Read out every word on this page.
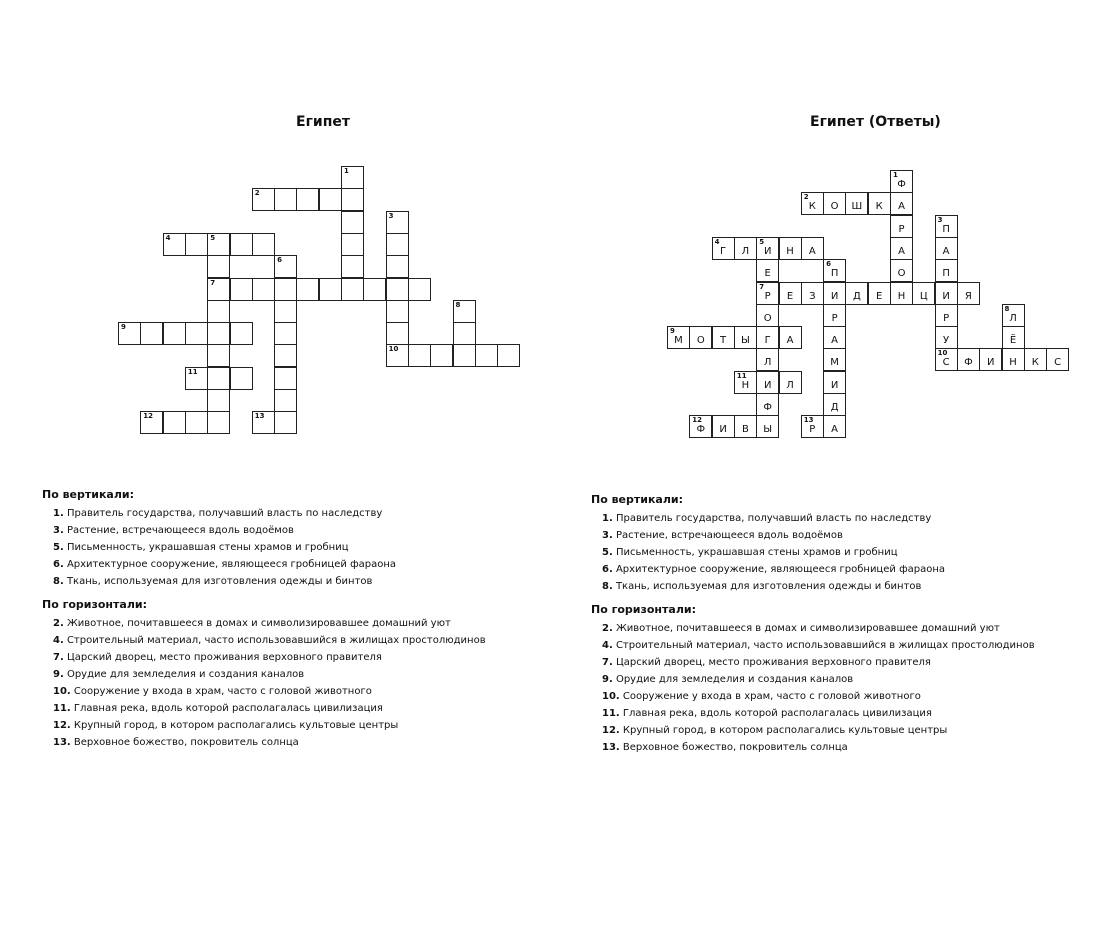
Египет
1
2
3
10
4	5
7
6
8
9
11
12	13
По вертикали:
1. Правитель государства, получавший власть по наследству
3. Растение, встречающееся вдоль водоёмов
5. Письменность, украшавшая стены храмов и гробниц
6. Архитектурное сооружение, являющееся гробницей фараона
8. Ткань, используемая для изготовления одежды и бинтов
По горизонтали:
2. Животное, почитавшееся в домах и символизировавшее домашний уют
4. Строительный материал, часто использовавшийся в жилищах простолюдинов
7. Царский дворец, место проживания верховного правителя
9. Орудие для земледелия и создания каналов
10. Сооружение у входа в храм, часто с головой животного
11. Главная река, вдоль которой располагалась цивилизация
12. Крупный город, в котором располагались культовые центры
13. Верховное божество, покровитель солнца
Египет (Ответы)
1
Ф
А
Р
А
О
Н
2
К	О	Ш	К
3
П
А
П
И
Р
У
10
С
4
Г	Л
5
И	Н	А
Е
7
Р
О
Г
Л
И
Ф
Ы
6
П
И
Р
А
М
И
Д
А
Е	З	Д	Е	Ц	Я
8
Л
Ё
Н
9
М	О	Т	Ы	А
Ф	И	К	С
11
Н	Л
12
Ф	И	В
13
Р
По вертикали:
1. Правитель государства, получавший власть по наследству
3. Растение, встречающееся вдоль водоёмов
5. Письменность, украшавшая стены храмов и гробниц
6. Архитектурное сооружение, являющееся гробницей фараона
8. Ткань, используемая для изготовления одежды и бинтов
По горизонтали:
2. Животное, почитавшееся в домах и символизировавшее домашний уют
4. Строительный материал, часто использовавшийся в жилищах простолюдинов
7. Царский дворец, место проживания верховного правителя
9. Орудие для земледелия и создания каналов
10. Сооружение у входа в храм, часто с головой животного
11. Главная река, вдоль которой располагалась цивилизация
12. Крупный город, в котором располагались культовые центры
13. Верховное божество, покровитель солнца
